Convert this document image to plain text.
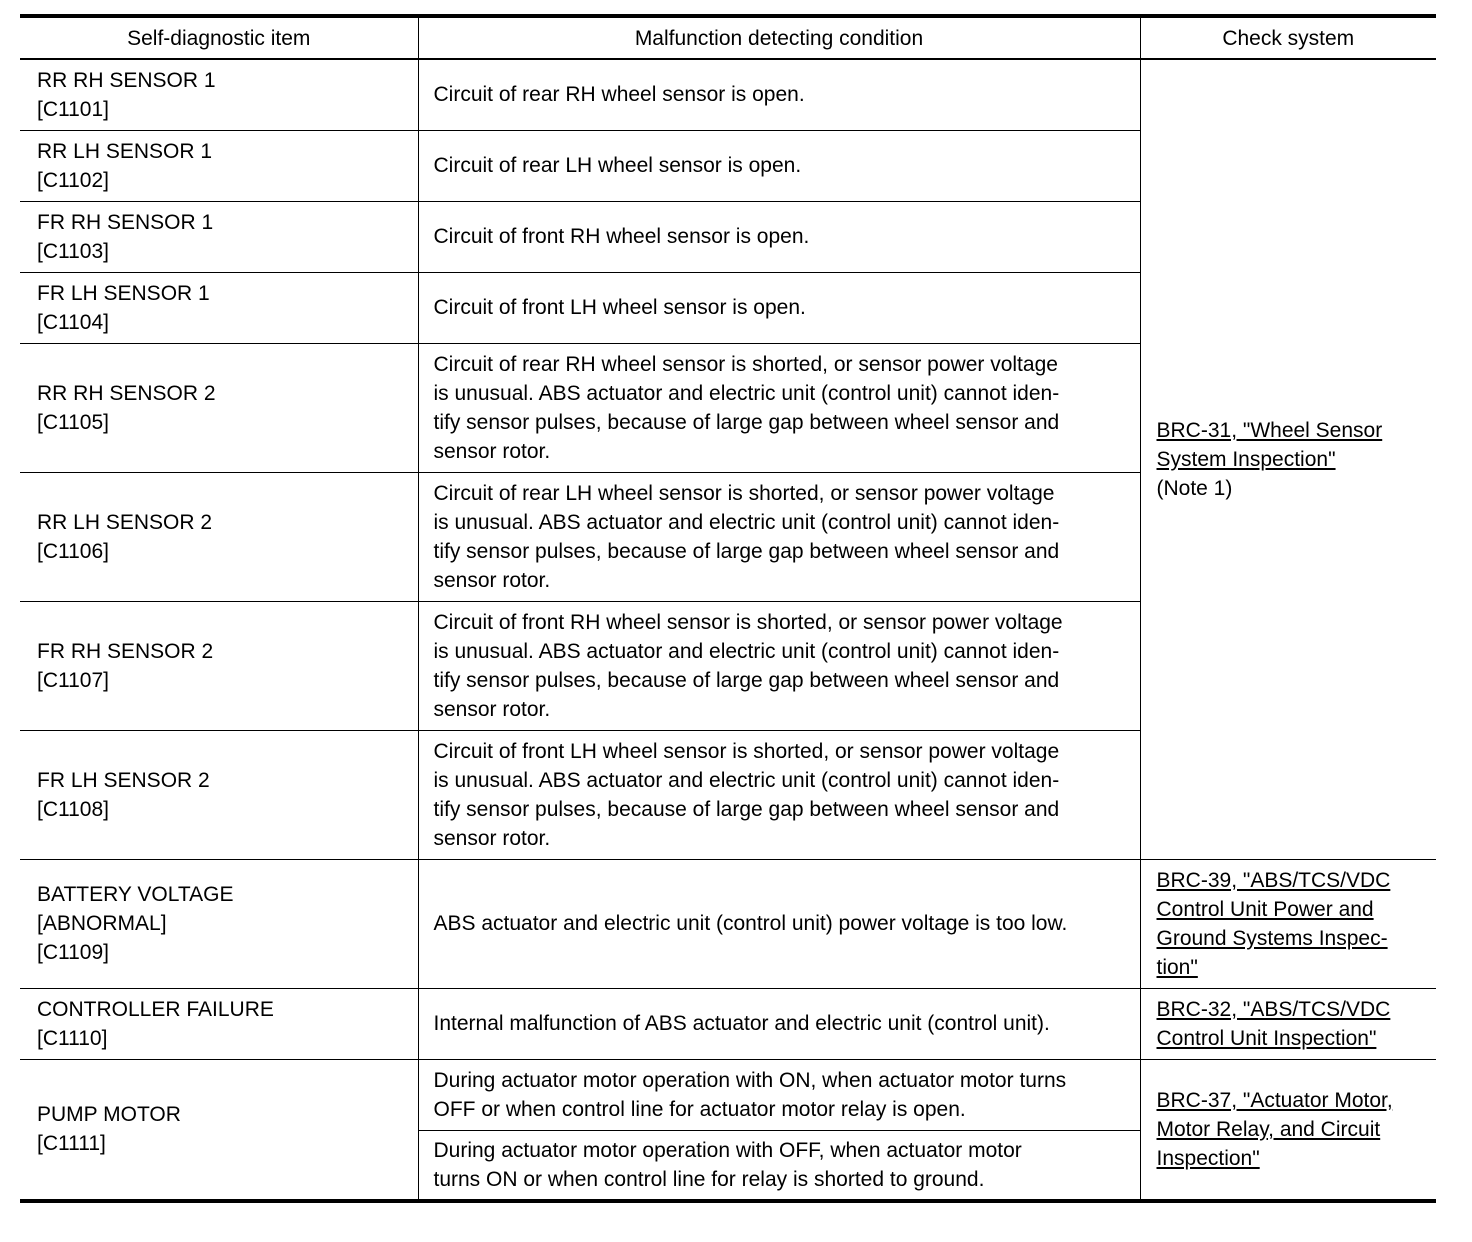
Self-diagnostic item	Malfunction detecting condition	Check system

RR RH SENSOR 1
[C1101]	Circuit of rear RH wheel sensor is open.	BRC-31, "Wheel Sensor
System Inspection"
(Note 1)

RR LH SENSOR 1
[C1102]	Circuit of rear LH wheel sensor is open.	

FR RH SENSOR 1
[C1103]	Circuit of front RH wheel sensor is open.	

FR LH SENSOR 1
[C1104]	Circuit of front LH wheel sensor is open.	

RR RH SENSOR 2
[C1105]	Circuit of rear RH wheel sensor is shorted, or sensor power voltage
is unusual. ABS actuator and electric unit (control unit) cannot iden-
tify sensor pulses, because of large gap between wheel sensor and
sensor rotor.	

RR LH SENSOR 2
[C1106]	Circuit of rear LH wheel sensor is shorted, or sensor power voltage
is unusual. ABS actuator and electric unit (control unit) cannot iden-
tify sensor pulses, because of large gap between wheel sensor and
sensor rotor.	

FR RH SENSOR 2
[C1107]	Circuit of front RH wheel sensor is shorted, or sensor power voltage
is unusual. ABS actuator and electric unit (control unit) cannot iden-
tify sensor pulses, because of large gap between wheel sensor and
sensor rotor.	

FR LH SENSOR 2
[C1108]	Circuit of front LH wheel sensor is shorted, or sensor power voltage
is unusual. ABS actuator and electric unit (control unit) cannot iden-
tify sensor pulses, because of large gap between wheel sensor and
sensor rotor.	

BATTERY VOLTAGE
[ABNORMAL]
[C1109]	ABS actuator and electric unit (control unit) power voltage is too low.	BRC-39, "ABS/TCS/VDC
Control Unit Power and
Ground Systems Inspec-
tion"

CONTROLLER FAILURE
[C1110]	Internal malfunction of ABS actuator and electric unit (control unit).	BRC-32, "ABS/TCS/VDC
Control Unit Inspection"

PUMP MOTOR
[C1111]	During actuator motor operation with ON, when actuator motor turns
OFF or when control line for actuator motor relay is open.	BRC-37, "Actuator Motor,
Motor Relay, and Circuit
Inspection"

	During actuator motor operation with OFF, when actuator motor
turns ON or when control line for relay is shorted to ground.	
